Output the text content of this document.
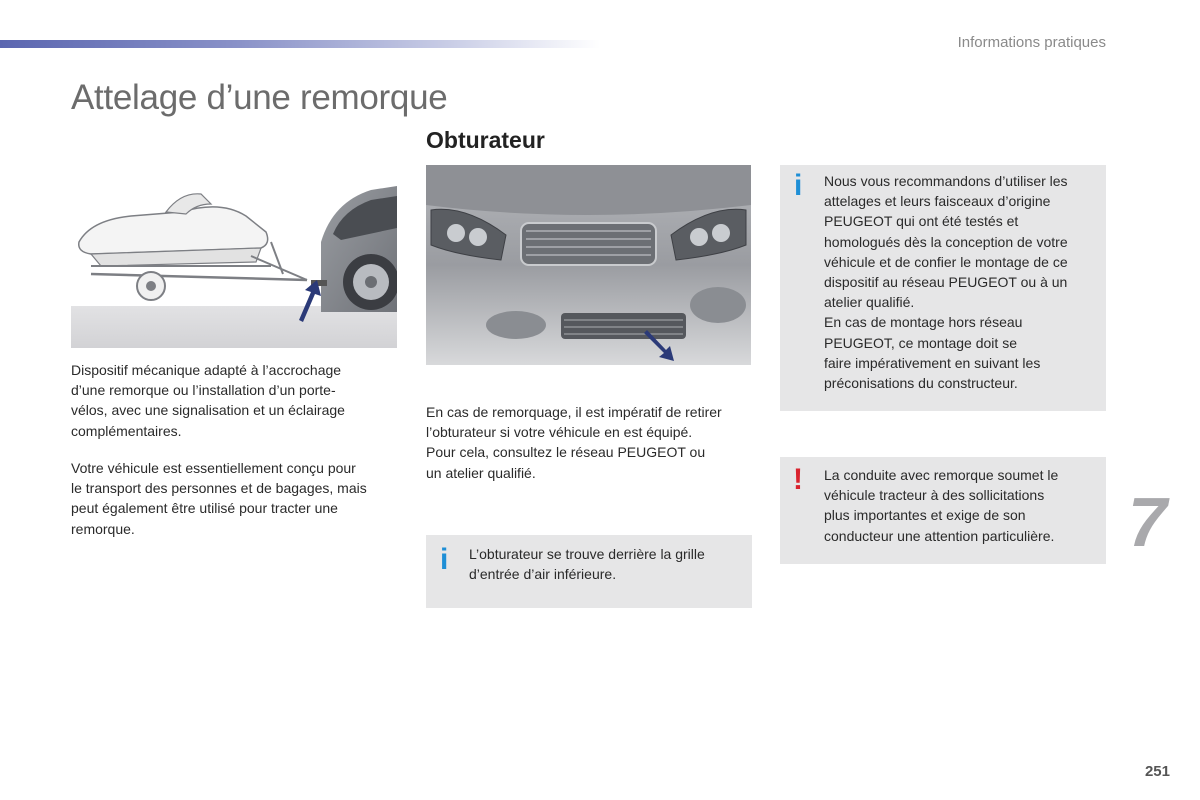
Informations pratiques
Attelage d’une remorque

Dispositif mécanique adapté à l’accrochage
d’une remorque ou l’installation d’un porte-
vélos, avec une signalisation et un éclairage
complémentaires.

Votre véhicule est essentiellement conçu pour
le transport des personnes et de bagages, mais
peut également être utilisé pour tracter une
remorque.

Obturateur

En cas de remorquage, il est impératif de retirer
l’obturateur si votre véhicule en est équipé.
Pour cela, consultez le réseau PEUGEOT ou
un atelier qualifié.

i L’obturateur se trouve derrière la grille
d’entrée d’air inférieure.

i Nous vous recommandons d’utiliser les
attelages et leurs faisceaux d’origine
PEUGEOT qui ont été testés et
homologués dès la conception de votre
véhicule et de confier le montage de ce
dispositif au réseau PEUGEOT ou à un
atelier qualifié.
En cas de montage hors réseau
PEUGEOT, ce montage doit se
faire impérativement en suivant les
préconisations du constructeur.

! La conduite avec remorque soumet le
véhicule tracteur à des sollicitations
plus importantes et exige de son
conducteur une attention particulière. 7
251
